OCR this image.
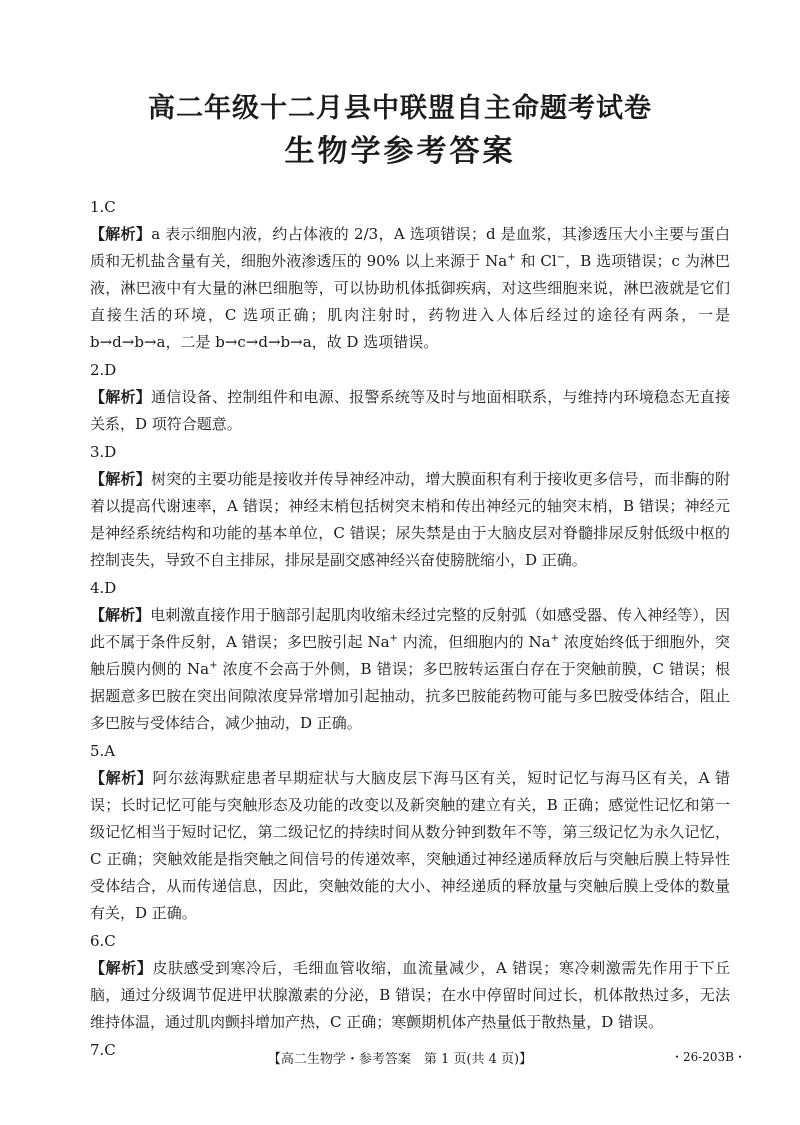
高二年级十二月县中联盟自主命题考试卷
生物学参考答案
1.C

【解析】a 表示细胞内液，约占体液的 2/3，A 选项错误；d 是血浆，其渗透压大小主要与蛋白质和无机盐含量有关，细胞外液渗透压的 90% 以上来源于 Na+ 和 Cl−，B 选项错误；c 为淋巴液，淋巴液中有大量的淋巴细胞等，可以协助机体抵御疾病，对这些细胞来说，淋巴液就是它们直接生活的环境，C 选项正确；肌肉注射时，药物进入人体后经过的途径有两条，一是 b→d→b→a，二是 b→c→d→b→a，故 D 选项错误。

2.D

【解析】通信设备、控制组件和电源、报警系统等及时与地面相联系，与维持内环境稳态无直接关系，D 项符合题意。

3.D

【解析】树突的主要功能是接收并传导神经冲动，增大膜面积有利于接收更多信号，而非酶的附着以提高代谢速率，A 错误；神经末梢包括树突末梢和传出神经元的轴突末梢，B 错误；神经元是神经系统结构和功能的基本单位，C 错误；尿失禁是由于大脑皮层对脊髓排尿反射低级中枢的控制丧失，导致不自主排尿，排尿是副交感神经兴奋使膀胱缩小，D 正确。

4.D

【解析】电刺激直接作用于脑部引起肌肉收缩未经过完整的反射弧（如感受器、传入神经等），因此不属于条件反射，A 错误；多巴胺引起 Na+ 内流，但细胞内的 Na+ 浓度始终低于细胞外，突触后膜内侧的 Na+ 浓度不会高于外侧，B 错误；多巴胺转运蛋白存在于突触前膜，C 错误；根据题意多巴胺在突出间隙浓度异常增加引起抽动，抗多巴胺能药物可能与多巴胺受体结合，阻止多巴胺与受体结合，减少抽动，D 正确。

5.A

【解析】阿尔兹海默症患者早期症状与大脑皮层下海马区有关，短时记忆与海马区有关，A 错误；长时记忆可能与突触形态及功能的改变以及新突触的建立有关，B 正确；感觉性记忆和第一级记忆相当于短时记忆，第二级记忆的持续时间从数分钟到数年不等，第三级记忆为永久记忆，C 正确；突触效能是指突触之间信号的传递效率，突触通过神经递质释放后与突触后膜上特异性受体结合，从而传递信息，因此，突触效能的大小、神经递质的释放量与突触后膜上受体的数量有关，D 正确。

6.C

【解析】皮肤感受到寒冷后，毛细血管收缩，血流量减少，A 错误；寒冷刺激需先作用于下丘脑，通过分级调节促进甲状腺激素的分泌，B 错误；在水中停留时间过长，机体散热过多，无法维持体温，通过肌肉颤抖增加产热，C 正确；寒颤期机体产热量低于散热量，D 错误。

7.C
【高二生物学・参考答案　第 1 页(共 4 页)】	・26-203B・
